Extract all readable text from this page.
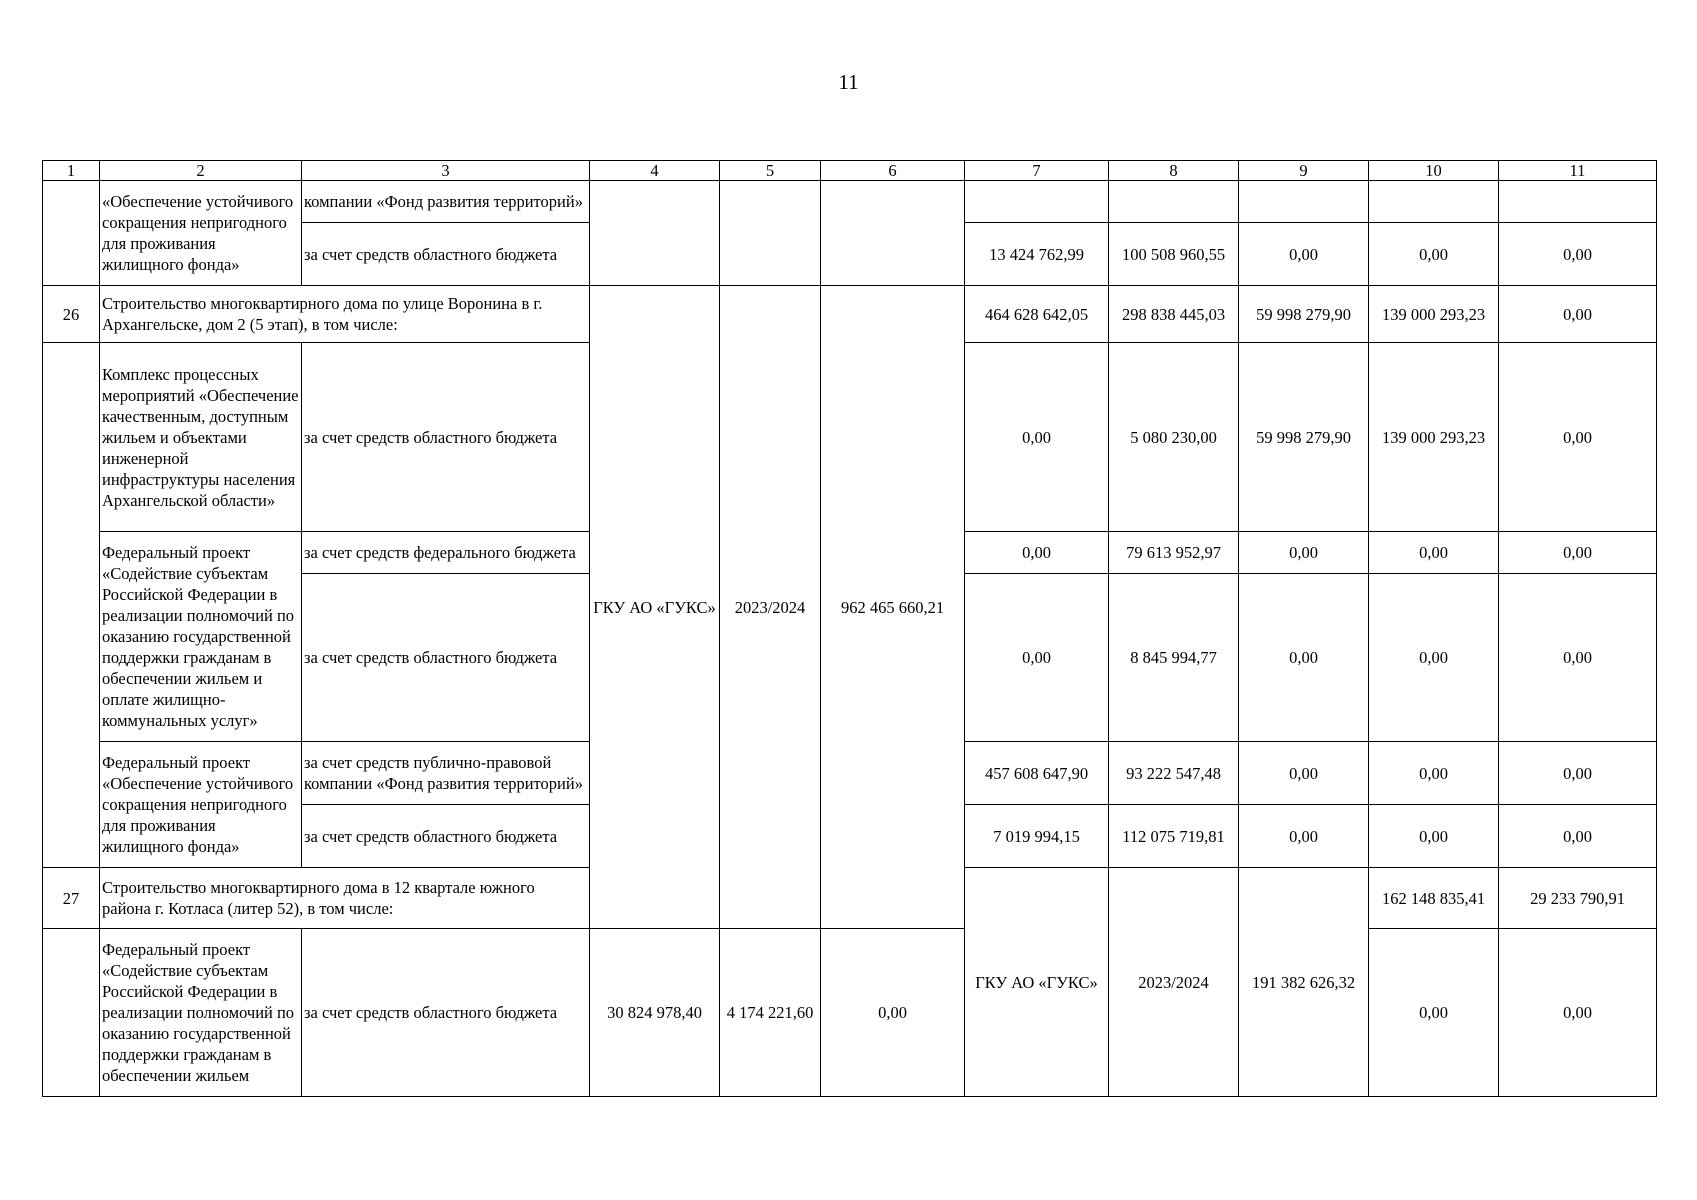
11
1	2	3	4	5	6	7	8	9	10	11	
	«Обеспечение устойчивого сокращения непригодного для проживания жилищного фонда»	компании «Фонд развития территорий»									
		за счет средств областного бюджета				13 424 762,99	100 508 960,55	0,00	0,00	0,00	
26	Строительство многоквартирного дома по улице Воронина в г. Архангельске, дом 2 (5 этап), в том числе:		ГКУ АО «ГУКС»	2023/2024	962 465 660,21	464 628 642,05	298 838 445,03	59 998 279,90	139 000 293,23	0,00	
	Комплекс процессных мероприятий «Обеспечение качественным, доступным жильем и объектами инженерной инфраструктуры населения Архангельской области»	за счет средств областного бюджета				0,00	5 080 230,00	59 998 279,90	139 000 293,23	0,00	
	Федеральный проект «Содействие субъектам Российской Федерации в реализации полномочий по оказанию государственной поддержки гражданам в обеспечении жильем и оплате жилищно-коммунальных услуг»	за счет средств федерального бюджета				0,00	79 613 952,97	0,00	0,00	0,00	
		за счет средств областного бюджета				0,00	8 845 994,77	0,00	0,00	0,00	
	Федеральный проект «Обеспечение устойчивого сокращения непригодного для проживания жилищного фонда»	за счет средств публично-правовой компании «Фонд развития территорий»				457 608 647,90	93 222 547,48	0,00	0,00	0,00	
		за счет средств областного бюджета				7 019 994,15	112 075 719,81	0,00	0,00	0,00	
27	Строительство многоквартирного дома в 12 квартале южного района г. Котласа (литер 52), в том числе:					ГКУ АО «ГУКС»	2023/2024	191 382 626,32	162 148 835,41	29 233 790,91			
	Федеральный проект «Содействие субъектам Российской Федерации в реализации полномочий по оказанию государственной поддержки гражданам в обеспечении жильем	за счет средств областного бюджета	30 824 978,40	4 174 221,60	0,00				0,00	0,00	
